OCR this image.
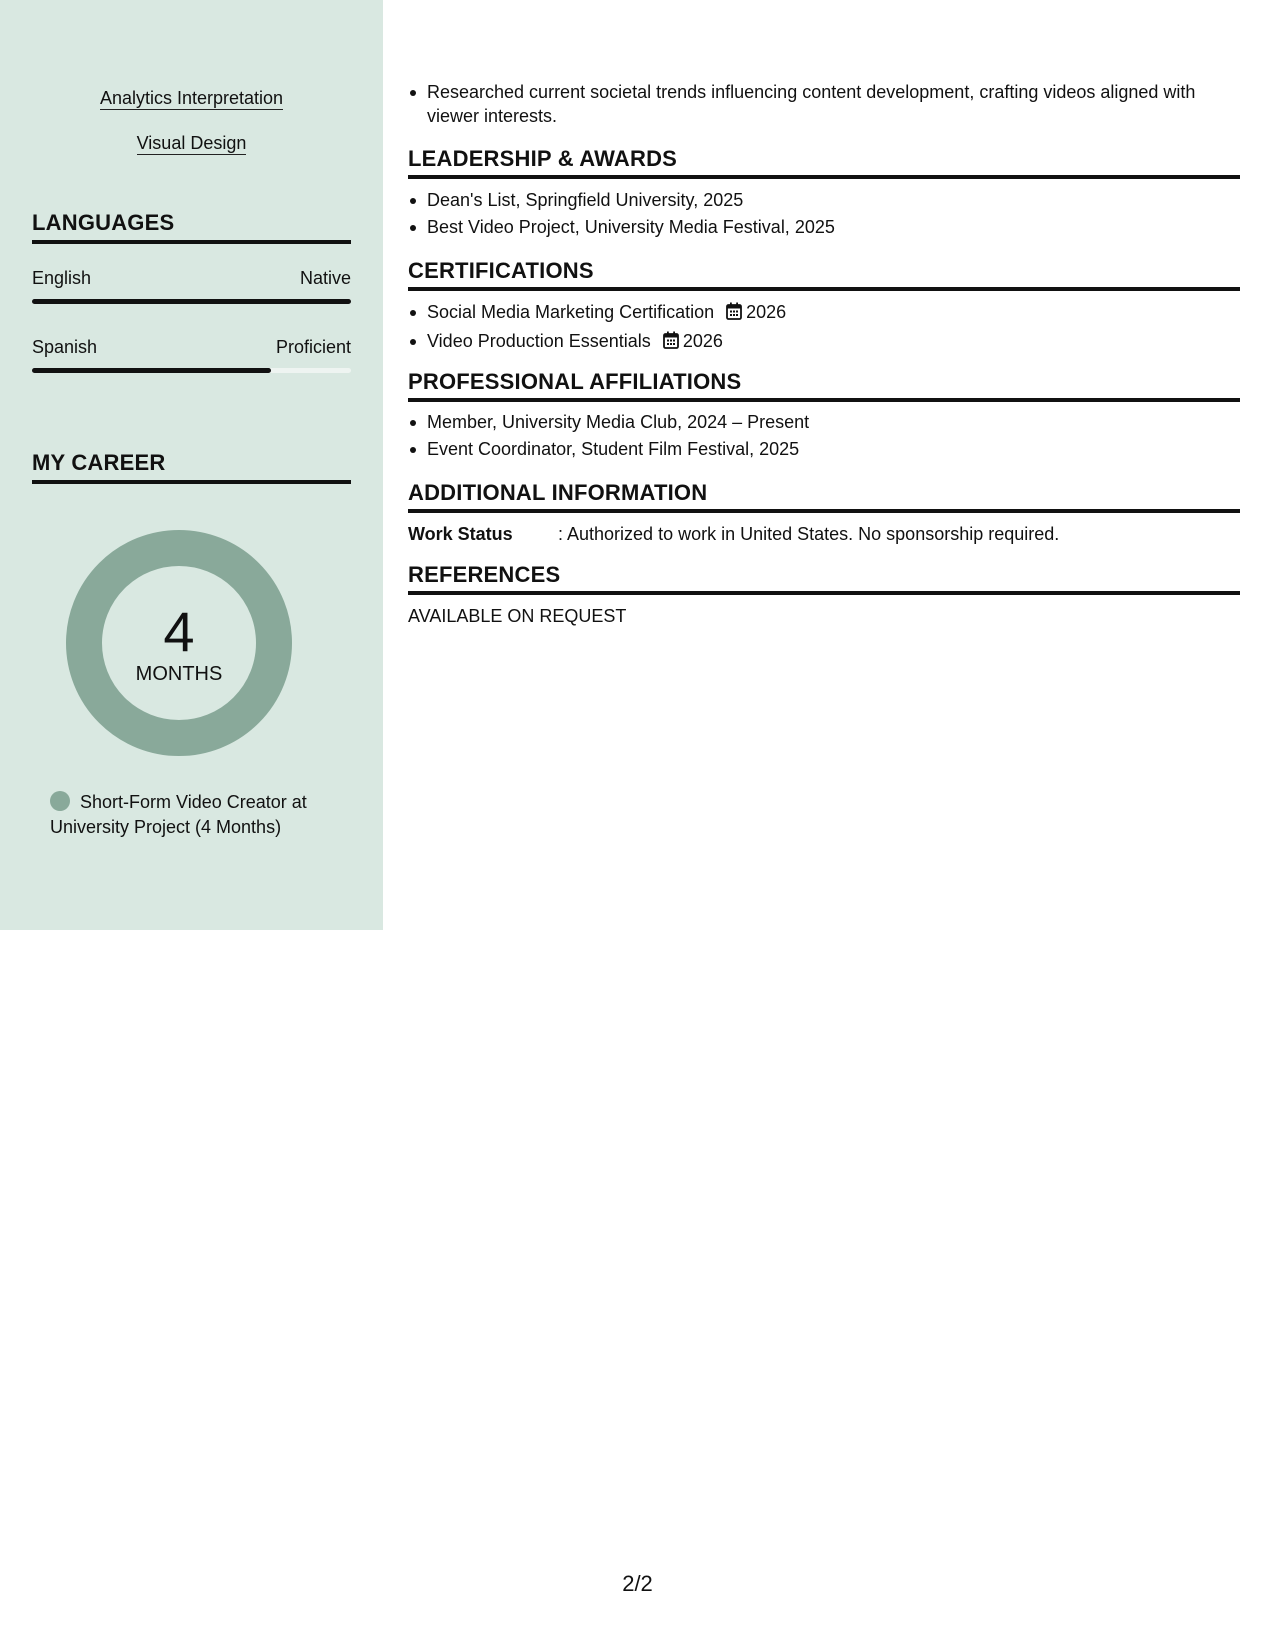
Analytics Interpretation
Visual Design
LANGUAGES
English	Native
Spanish	Proficient
MY CAREER
4
MONTHS
Short-Form Video Creator at University Project (4 Months)
Researched current societal trends influencing content development, crafting videos aligned with viewer interests.
LEADERSHIP & AWARDS
Dean's List, Springfield University, 2025
Best Video Project, University Media Festival, 2025
CERTIFICATIONS
Social Media Marketing Certification 2026
Video Production Essentials 2026
PROFESSIONAL AFFILIATIONS
Member, University Media Club, 2024 – Present
Event Coordinator, Student Film Festival, 2025
ADDITIONAL INFORMATION
Work Status	: Authorized to work in United States. No sponsorship required.
REFERENCES
AVAILABLE ON REQUEST
2/2
